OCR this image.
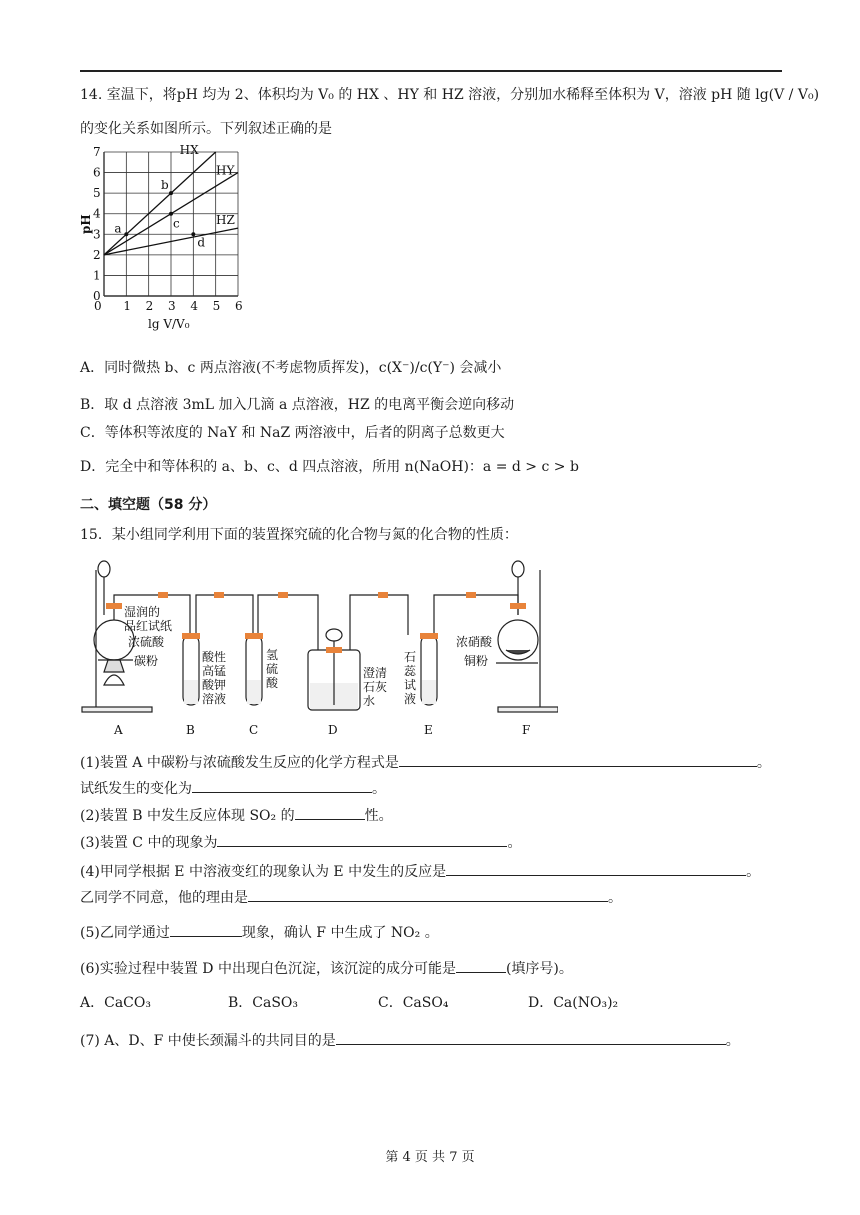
14. 室温下，将pH 均为 2、体积均为 V₀ 的 HX 、HY 和 HZ 溶液，分别加水稀释至体积为 V，溶液 pH 随 lg(V / V₀)
的变化关系如图所示。下列叙述正确的是
HX
HY
HZ
a
b
c
d
0 1 2 3 4 5 6
0
1
2
3
4
5
6
7
pH
lg V/V₀
A．同时微热 b、c 两点溶液(不考虑物质挥发)，c(X⁻)/c(Y⁻) 会减小
B．取 d 点溶液 3mL 加入几滴 a 点溶液，HZ 的电离平衡会逆向移动
C．等体积等浓度的 NaY 和 NaZ 两溶液中，后者的阴离子总数更大
D．完全中和等体积的 a、b、c、d 四点溶液，所用 n(NaOH)：a = d > c > b
二、填空题（58 分）
15．某小组同学利用下面的装置探究硫的化合物与氮的化合物的性质：
湿润的
品红试纸
浓硫酸
碳粉	酸性
高锰
酸钾
溶液
氢
硫
酸
澄清
石灰
水
石
蕊
试
液
浓硝酸
铜粉
A	B	C	D	E	F
(1)装置 A 中碳粉与浓硫酸发生反应的化学方程式是	。
试纸发生的变化为	。
(2)装置 B 中发生反应体现 SO₂ 的	性。
(3)装置 C 中的现象为	。
(4)甲同学根据 E 中溶液变红的现象认为 E 中发生的反应是	。
乙同学不同意，他的理由是	。
(5)乙同学通过	现象，确认 F 中生成了 NO₂ 。
(6)实验过程中装置 D 中出现白色沉淀，该沉淀的成分可能是	(填序号)。
A．CaCO₃	B．CaSO₃	C．CaSO₄	D．Ca(NO₃)₂
(7) A、D、F 中使长颈漏斗的共同目的是	。
第 4 页 共 7 页
